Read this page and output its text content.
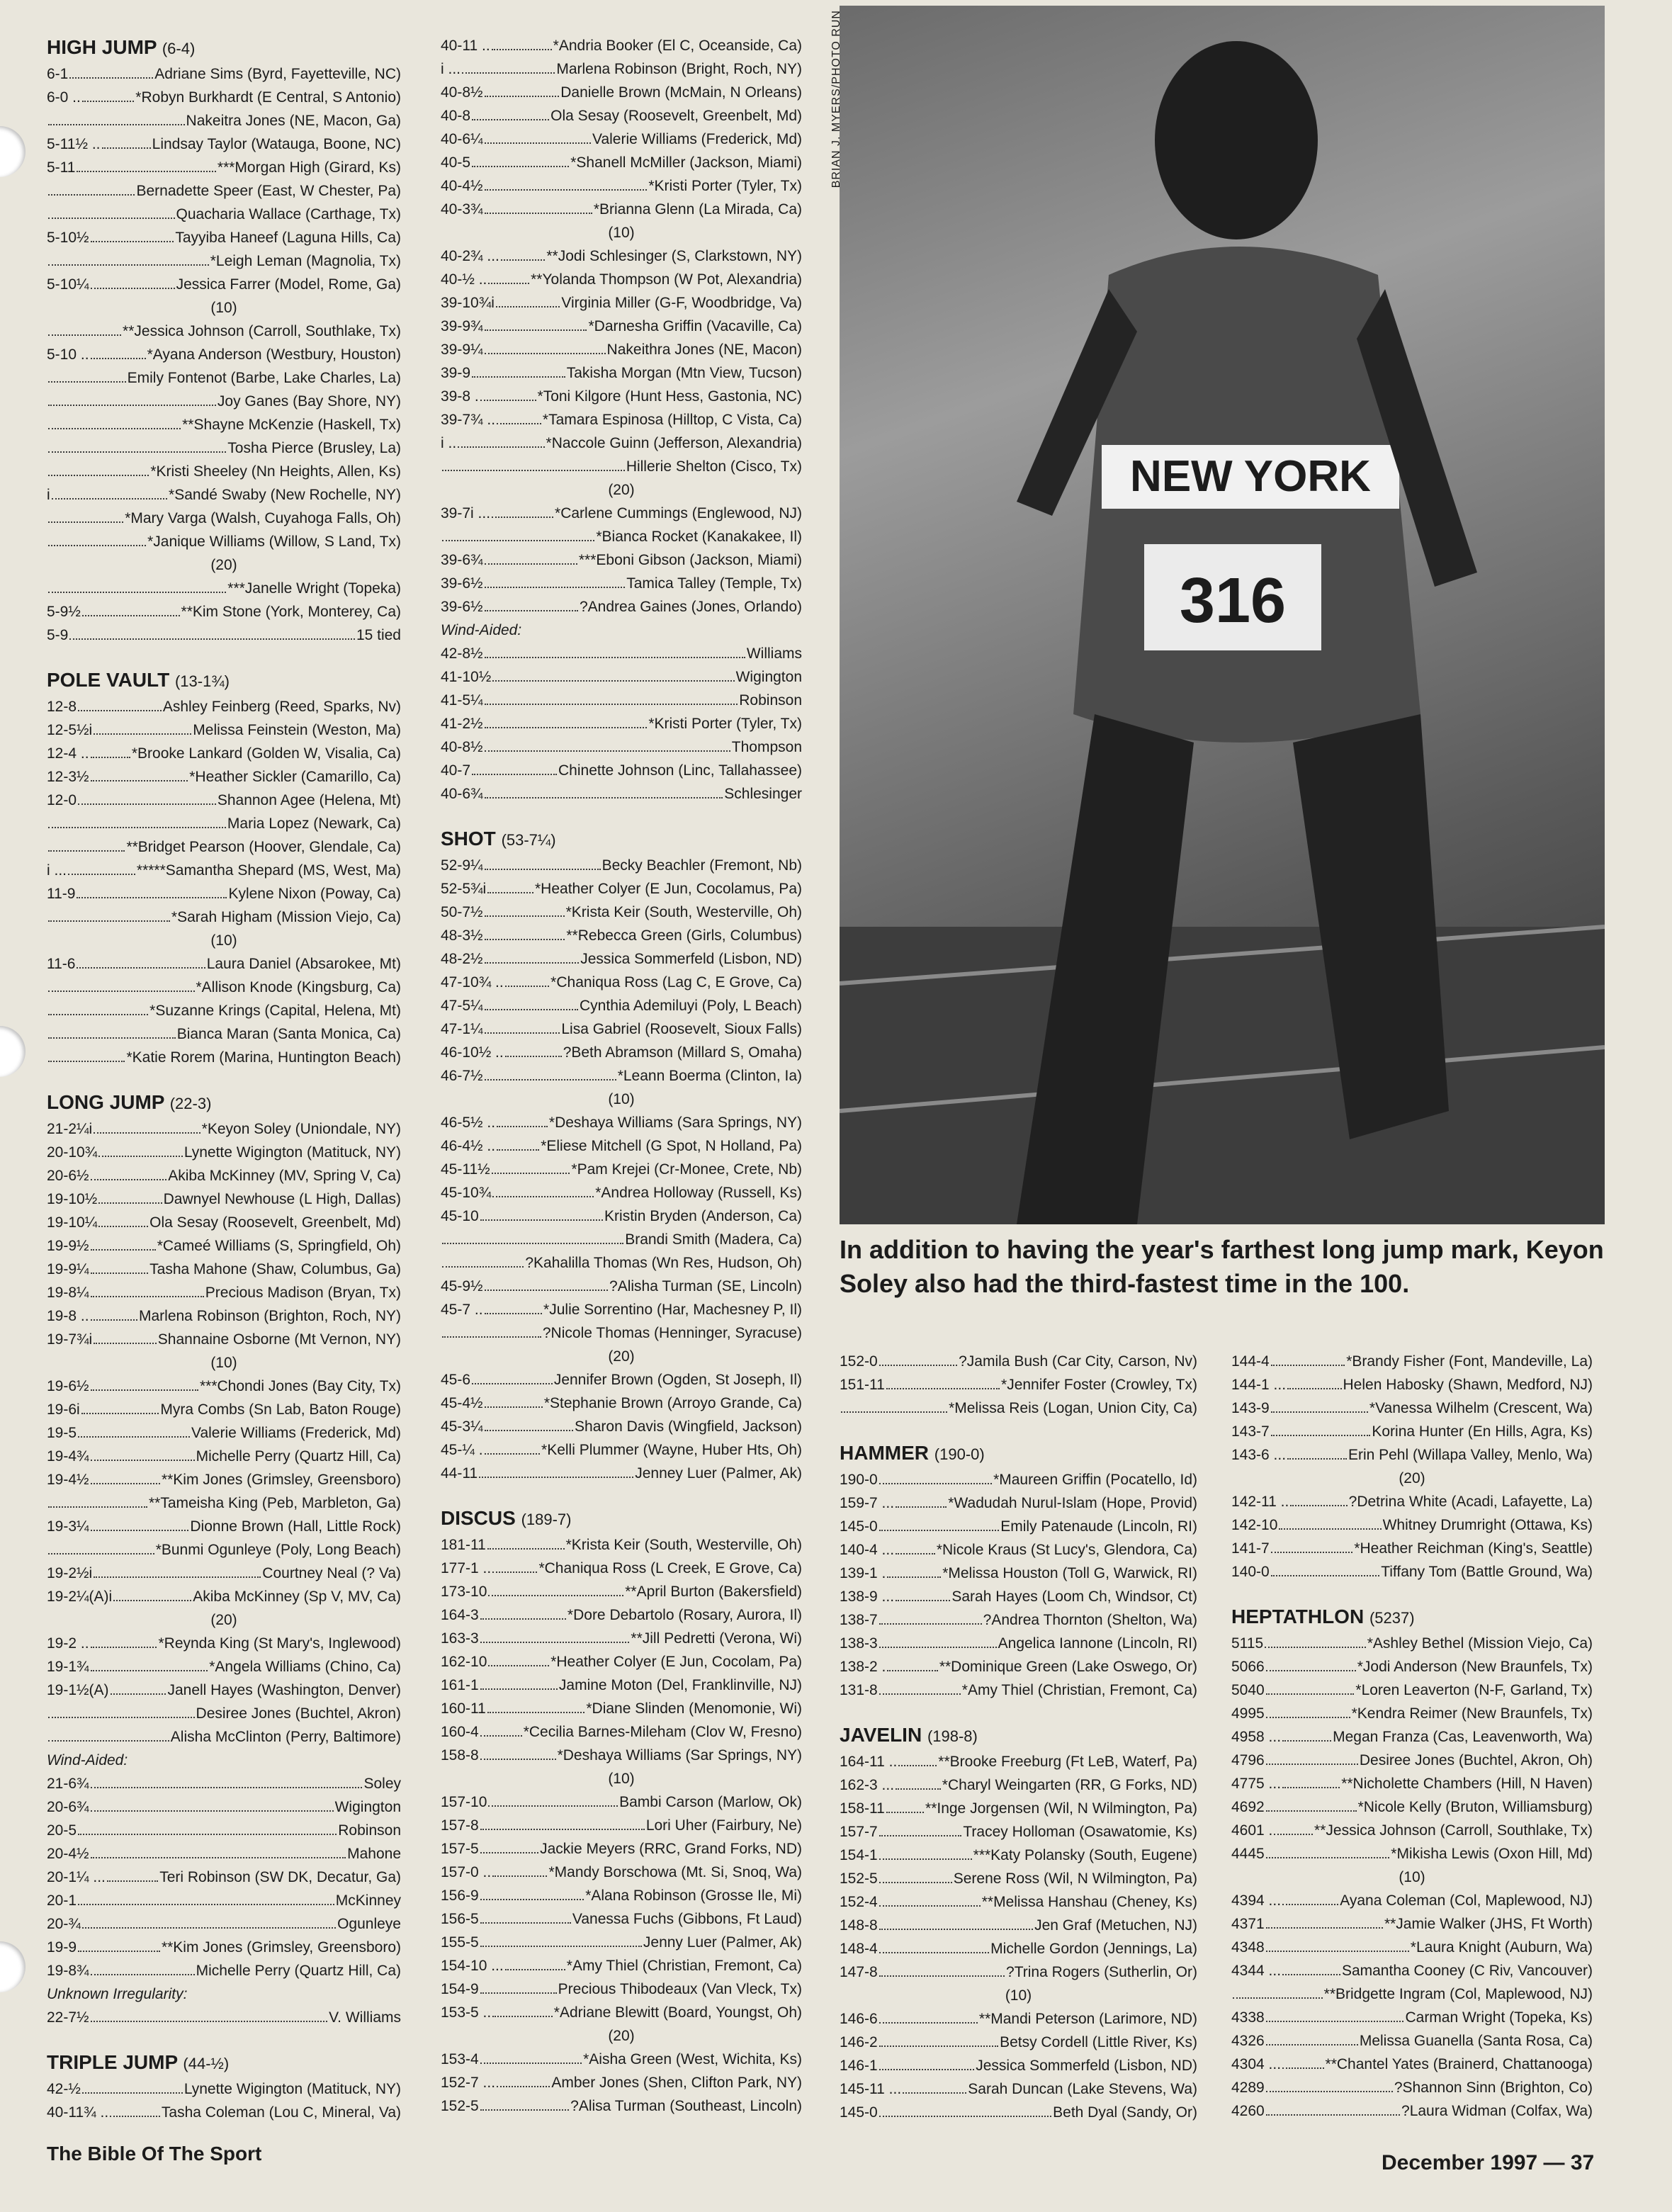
HIGH JUMP (6-4)
6-1	Adriane Sims (Byrd, Fayetteville, NC)
6-0 ..	*Robyn Burkhardt (E Central, S Antonio)
Nakeitra Jones (NE, Macon, Ga)
5-11½ ..	Lindsay Taylor (Watauga, Boone, NC)
5-11	***Morgan High (Girard, Ks)
Bernadette Speer (East, W Chester, Pa)
Quacharia Wallace (Carthage, Tx)
5-10½	Tayyiba Haneef (Laguna Hills, Ca)
*Leigh Leman (Magnolia, Tx)
5-10¼	Jessica Farrer (Model, Rome, Ga)
(10)
**Jessica Johnson (Carroll, Southlake, Tx)
5-10 ..	*Ayana Anderson (Westbury, Houston)
Emily Fontenot (Barbe, Lake Charles, La)
Joy Ganes (Bay Shore, NY)
**Shayne McKenzie (Haskell, Tx)
Tosha Pierce (Brusley, La)
*Kristi Sheeley (Nn Heights, Allen, Ks)
i	*Sandé Swaby (New Rochelle, NY)
*Mary Varga (Walsh, Cuyahoga Falls, Oh)
*Janique Williams (Willow, S Land, Tx)
(20)
***Janelle Wright (Topeka)
5-9½	**Kim Stone (York, Monterey, Ca)
5-9	15 tied
POLE VAULT (13-1¾)
12-8	Ashley Feinberg (Reed, Sparks, Nv)
12-5½i	Melissa Feinstein (Weston, Ma)
12-4 ..	*Brooke Lankard (Golden W, Visalia, Ca)
12-3½	*Heather Sickler (Camarillo, Ca)
12-0	Shannon Agee (Helena, Mt)
Maria Lopez (Newark, Ca)
**Bridget Pearson (Hoover, Glendale, Ca)
i ...	*****Samantha Shepard (MS, West, Ma)
11-9	Kylene Nixon (Poway, Ca)
*Sarah Higham (Mission Viejo, Ca)
(10)
11-6	Laura Daniel (Absarokee, Mt)
*Allison Knode (Kingsburg, Ca)
*Suzanne Krings (Capital, Helena, Mt)
Bianca Maran (Santa Monica, Ca)
*Katie Rorem (Marina, Huntington Beach)
LONG JUMP (22-3)
21-2¼i	*Keyon Soley (Uniondale, NY)
20-10¾	Lynette Wigington (Matituck, NY)
20-6½	Akiba McKinney (MV, Spring V, Ca)
19-10½	Dawnyel Newhouse (L High, Dallas)
19-10¼	Ola Sesay (Roosevelt, Greenbelt, Md)
19-9½	*Cameé Williams (S, Springfield, Oh)
19-9¼	Tasha Mahone (Shaw, Columbus, Ga)
19-8¼	Precious Madison (Bryan, Tx)
19-8 ..	Marlena Robinson (Brighton, Roch, NY)
19-7¾i	Shannaine Osborne (Mt Vernon, NY)
(10)
19-6½	***Chondi Jones (Bay City, Tx)
19-6i	Myra Combs (Sn Lab, Baton Rouge)
19-5	Valerie Williams (Frederick, Md)
19-4¾	Michelle Perry (Quartz Hill, Ca)
19-4½	**Kim Jones (Grimsley, Greensboro)
**Tameisha King (Peb, Marbleton, Ga)
19-3¼	Dionne Brown (Hall, Little Rock)
*Bunmi Ogunleye (Poly, Long Beach)
19-2½i	Courtney Neal (? Va)
19-2¼(A)i	Akiba McKinney (Sp V, MV, Ca)
(20)
19-2 ..	*Reynda King (St Mary's, Inglewood)
19-1¾	*Angela Williams (Chino, Ca)
19-1½(A)	Janell Hayes (Washington, Denver)
Desiree Jones (Buchtel, Akron)
Alisha McClinton (Perry, Baltimore)
Wind-Aided:
21-6¾	Soley
20-6¾	Wigington
20-5	Robinson
20-4½	Mahone
20-1¼ ...	Teri Robinson (SW DK, Decatur, Ga)
20-1	McKinney
20-¾	Ogunleye
19-9	**Kim Jones (Grimsley, Greensboro)
19-8¾	Michelle Perry (Quartz Hill, Ca)
Unknown Irregularity:
22-7½	V. Williams
TRIPLE JUMP (44-½)
42-½	Lynette Wigington (Matituck, NY)
40-11¾ ..	Tasha Coleman (Lou C, Mineral, Va)
40-11 ..	*Andria Booker (El C, Oceanside, Ca)
i ...	Marlena Robinson (Bright, Roch, NY)
40-8½	Danielle Brown (McMain, N Orleans)
40-8	Ola Sesay (Roosevelt, Greenbelt, Md)
40-6¼	Valerie Williams (Frederick, Md)
40-5	*Shanell McMiller (Jackson, Miami)
40-4½	*Kristi Porter (Tyler, Tx)
40-3¾	*Brianna Glenn (La Mirada, Ca)
(10)
40-2¾ ...	**Jodi Schlesinger (S, Clarkstown, NY)
40-½ ..	**Yolanda Thompson (W Pot, Alexandria)
39-10¾i	Virginia Miller (G-F, Woodbridge, Va)
39-9¾	*Darnesha Griffin (Vacaville, Ca)
39-9¼	Nakeithra Jones (NE, Macon)
39-9	Takisha Morgan (Mtn View, Tucson)
39-8 .	*Toni Kilgore (Hunt Hess, Gastonia, NC)
39-7¾ ..	*Tamara Espinosa (Hilltop, C Vista, Ca)
i ..	*Naccole Guinn (Jefferson, Alexandria)
Hillerie Shelton (Cisco, Tx)
(20)
39-7i ...	*Carlene Cummings (Englewood, NJ)
*Bianca Rocket (Kanakakee, Il)
39-6¾	***Eboni Gibson (Jackson, Miami)
39-6½	Tamica Talley (Temple, Tx)
39-6½	?Andrea Gaines (Jones, Orlando)
Wind-Aided:
42-8½	Williams
41-10½	Wigington
41-5¼	Robinson
41-2½	*Kristi Porter (Tyler, Tx)
40-8½	Thompson
40-7	Chinette Johnson (Linc, Tallahassee)
40-6¾	Schlesinger
SHOT (53-7¼)
52-9¼	Becky Beachler (Fremont, Nb)
52-5¾i	*Heather Colyer (E Jun, Cocolamus, Pa)
50-7½	*Krista Keir (South, Westerville, Oh)
48-3½	**Rebecca Green (Girls, Columbus)
48-2½	Jessica Sommerfeld (Lisbon, ND)
47-10¾ ..	*Chaniqua Ross (Lag C, E Grove, Ca)
47-5¼	Cynthia Ademiluyi (Poly, L Beach)
47-1¼	Lisa Gabriel (Roosevelt, Sioux Falls)
46-10½ ..	?Beth Abramson (Millard S, Omaha)
46-7½	*Leann Boerma (Clinton, Ia)
(10)
46-5½ ..	*Deshaya Williams (Sara Springs, NY)
46-4½ ..	*Eliese Mitchell (G Spot, N Holland, Pa)
45-11½	*Pam Krejei (Cr-Monee, Crete, Nb)
45-10¾	*Andrea Holloway (Russell, Ks)
45-10	Kristin Bryden (Anderson, Ca)
Brandi Smith (Madera, Ca)
?Kahalilla Thomas (Wn Res, Hudson, Oh)
45-9½	?Alisha Turman (SE, Lincoln)
45-7 ..	*Julie Sorrentino (Har, Machesney P, Il)
?Nicole Thomas (Henninger, Syracuse)
(20)
45-6	Jennifer Brown (Ogden, St Joseph, Il)
45-4½	*Stephanie Brown (Arroyo Grande, Ca)
45-3¼	Sharon Davis (Wingfield, Jackson)
45-¼ .	*Kelli Plummer (Wayne, Huber Hts, Oh)
44-11	Jenney Luer (Palmer, Ak)
DISCUS (189-7)
181-11	*Krista Keir (South, Westerville, Oh)
177-1 ..	*Chaniqua Ross (L Creek, E Grove, Ca)
173-10	**April Burton (Bakersfield)
164-3	*Dore Debartolo (Rosary, Aurora, Il)
163-3	**Jill Pedretti (Verona, Wi)
162-10	*Heather Colyer (E Jun, Cocolam, Pa)
161-1	Jamine Moton (Del, Franklinville, NJ)
160-11	*Diane Slinden (Menomonie, Wi)
160-4	*Cecilia Barnes-Mileham (Clov W, Fresno)
158-8	*Deshaya Williams (Sar Springs, NY)
(10)
157-10	Bambi Carson (Marlow, Ok)
157-8	Lori Uher (Fairbury, Ne)
157-5	Jackie Meyers (RRC, Grand Forks, ND)
157-0 ..	*Mandy Borschowa (Mt. Si, Snoq, Wa)
156-9	*Alana Robinson (Grosse Ile, Mi)
156-5	Vanessa Fuchs (Gibbons, Ft Laud)
155-5	Jenny Luer (Palmer, Ak)
154-10 ...	*Amy Thiel (Christian, Fremont, Ca)
154-9	Precious Thibodeaux (Van Vleck, Tx)
153-5 ..	*Adriane Blewitt (Board, Youngst, Oh)
(20)
153-4	*Aisha Green (West, Wichita, Ks)
152-7 ...	Amber Jones (Shen, Clifton Park, NY)
152-5	?Alisa Turman (Southeast, Lincoln)
152-0	?Jamila Bush (Car City, Carson, Nv)
151-11	*Jennifer Foster (Crowley, Tx)
*Melissa Reis (Logan, Union City, Ca)
HAMMER (190-0)
190-0	*Maureen Griffin (Pocatello, Id)
159-7 ...	*Wadudah Nurul-Islam (Hope, Provid)
145-0	Emily Patenaude (Lincoln, RI)
140-4 ...	*Nicole Kraus (St Lucy's, Glendora, Ca)
139-1 .	*Melissa Houston (Toll G, Warwick, RI)
138-9 ...	Sarah Hayes (Loom Ch, Windsor, Ct)
138-7	?Andrea Thornton (Shelton, Wa)
138-3	Angelica Iannone (Lincoln, RI)
138-2 .	**Dominique Green (Lake Oswego, Or)
131-8	*Amy Thiel (Christian, Fremont, Ca)
JAVELIN (198-8)
164-11 ..	**Brooke Freeburg (Ft LeB, Waterf, Pa)
162-3 ...	*Charyl Weingarten (RR, G Forks, ND)
158-11	**Inge Jorgensen (Wil, N Wilmington, Pa)
157-7	Tracey Holloman (Osawatomie, Ks)
154-1	***Katy Polansky (South, Eugene)
152-5	Serene Ross (Wil, N Wilmington, Pa)
152-4	**Melissa Hanshau (Cheney, Ks)
148-8	Jen Graf (Metuchen, NJ)
148-4	Michelle Gordon (Jennings, La)
147-8	?Trina Rogers (Sutherlin, Or)
(10)
146-6	**Mandi Peterson (Larimore, ND)
146-2	Betsy Cordell (Little River, Ks)
146-1	Jessica Sommerfeld (Lisbon, ND)
145-11 ...	Sarah Duncan (Lake Stevens, Wa)
145-0	Beth Dyal (Sandy, Or)
144-4	*Brandy Fisher (Font, Mandeville, La)
144-1 ...	Helen Habosky (Shawn, Medford, NJ)
143-9	*Vanessa Wilhelm (Crescent, Wa)
143-7	Korina Hunter (En Hills, Agra, Ks)
143-6 ...	Erin Pehl (Willapa Valley, Menlo, Wa)
(20)
142-11 ..	?Detrina White (Acadi, Lafayette, La)
142-10	Whitney Drumright (Ottawa, Ks)
141-7	*Heather Reichman (King's, Seattle)
140-0	Tiffany Tom (Battle Ground, Wa)
HEPTATHLON (5237)
5115	*Ashley Bethel (Mission Viejo, Ca)
5066	*Jodi Anderson (New Braunfels, Tx)
5040	*Loren Leaverton (N-F, Garland, Tx)
4995	*Kendra Reimer (New Braunfels, Tx)
4958 ...	Megan Franza (Cas, Leavenworth, Wa)
4796	Desiree Jones (Buchtel, Akron, Oh)
4775 ...	**Nicholette Chambers (Hill, N Haven)
4692	*Nicole Kelly (Bruton, Williamsburg)
4601 .	**Jessica Johnson (Carroll, Southlake, Tx)
4445	*Mikisha Lewis (Oxon Hill, Md)
(10)
4394 ...	Ayana Coleman (Col, Maplewood, NJ)
4371	**Jamie Walker (JHS, Ft Worth)
4348	*Laura Knight (Auburn, Wa)
4344 ...	Samantha Cooney (C Riv, Vancouver)
**Bridgette Ingram (Col, Maplewood, NJ)
4338	Carman Wright (Topeka, Ks)
4326	Melissa Guanella (Santa Rosa, Ca)
4304 ...	**Chantel Yates (Brainerd, Chattanooga)
4289	?Shannon Sinn (Brighton, Co)
4260	?Laura Widman (Colfax, Wa)
NEW YORK
316
BRIAN J. MYERS/PHOTO RUN
In addition to having the year's farthest long jump mark, Keyon Soley also had the third-fastest time in the 100.
The Bible Of The Sport	December 1997 — 37
